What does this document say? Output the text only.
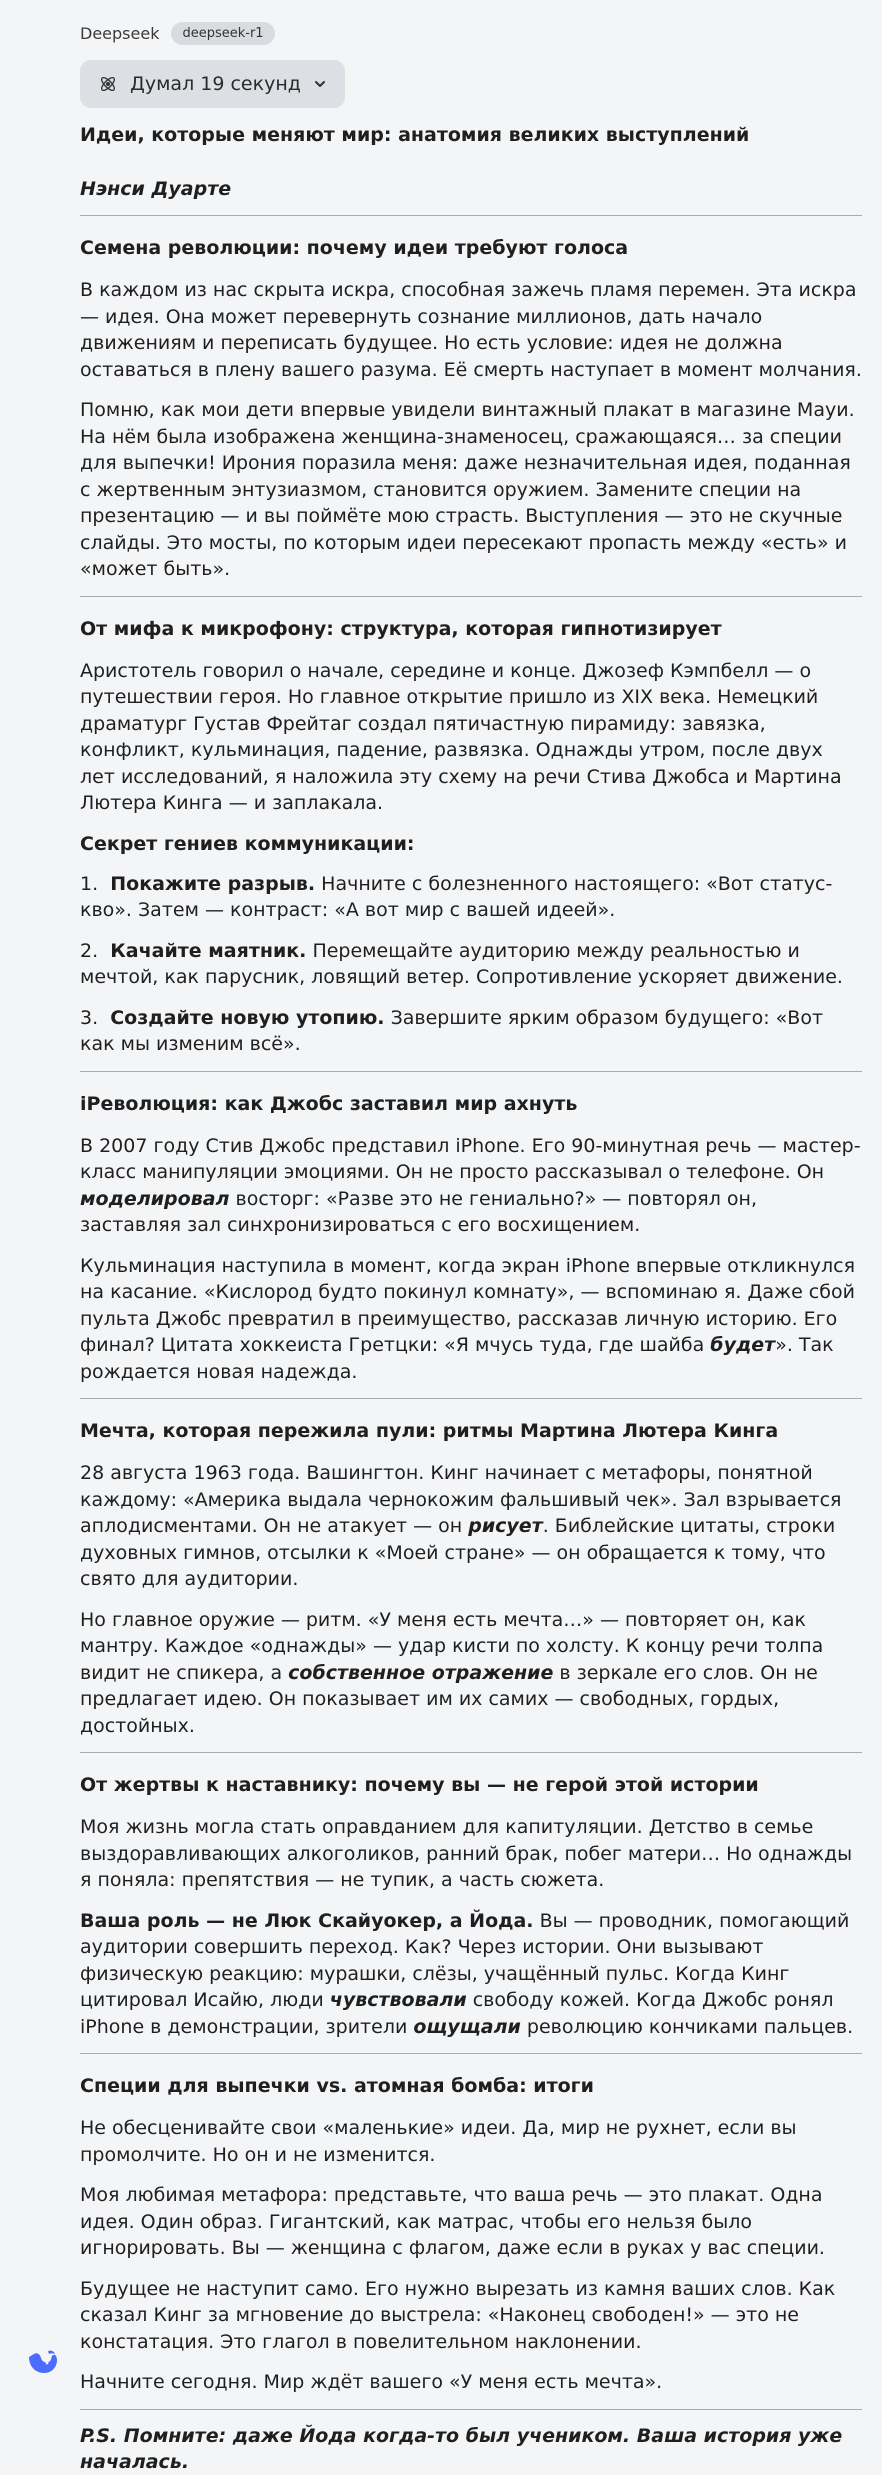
Deepseek	deepseek-r1
Думал 19 секунд
Идеи, которые меняют мир: анатомия великих выступлений
Нэнси Дуарте
Семена революции: почему идеи требуют голоса

В каждом из нас скрыта искра, способная зажечь пламя перемен. Эта искра — идея. Она может перевернуть сознание миллионов, дать начало движениям и переписать будущее. Но есть условие: идея не должна оставаться в плену вашего разума. Её смерть наступает в момент молчания.

Помню, как мои дети впервые увидели винтажный плакат в магазине Мауи. На нём была изображена женщина-знаменосец, сражающаяся… за специи для выпечки! Ирония поразила меня: даже незначительная идея, поданная с жертвенным энтузиазмом, становится оружием. Замените специи на презентацию — и вы поймёте мою страсть. Выступления — это не скучные слайды. Это мосты, по которым идеи пересекают пропасть между «есть» и «может быть».

От мифа к микрофону: структура, которая гипнотизирует

Аристотель говорил о начале, середине и конце. Джозеф Кэмпбелл — о путешествии героя. Но главное открытие пришло из XIX века. Немецкий драматург Густав Фрейтаг создал пятичастную пирамиду: завязка, конфликт, кульминация, падение, развязка. Однажды утром, после двух лет исследований, я наложила эту схему на речи Стива Джобса и Мартина Лютера Кинга — и заплакала.

Секрет гениев коммуникации:
1. Покажите разрыв. Начните с болезненного настоящего: «Вот статус-кво». Затем — контраст: «А вот мир с вашей идеей».
2. Качайте маятник. Перемещайте аудиторию между реальностью и мечтой, как парусник, ловящий ветер. Сопротивление ускоряет движение.
3. Создайте новую утопию. Завершите ярким образом будущего: «Вот как мы изменим всё».
iРеволюция: как Джобс заставил мир ахнуть

В 2007 году Стив Джобс представил iPhone. Его 90-минутная речь — мастер-класс манипуляции эмоциями. Он не просто рассказывал о телефоне. Он моделировал восторг: «Разве это не гениально?» — повторял он, заставляя зал синхронизироваться с его восхищением.

Кульминация наступила в момент, когда экран iPhone впервые откликнулся на касание. «Кислород будто покинул комнату», — вспоминаю я. Даже сбой пульта Джобс превратил в преимущество, рассказав личную историю. Его финал? Цитата хоккеиста Гретцки: «Я мчусь туда, где шайба будет». Так рождается новая надежда.

Мечта, которая пережила пули: ритмы Мартина Лютера Кинга

28 августа 1963 года. Вашингтон. Кинг начинает с метафоры, понятной каждому: «Америка выдала чернокожим фальшивый чек». Зал взрывается аплодисментами. Он не атакует — он рисует. Библейские цитаты, строки духовных гимнов, отсылки к «Моей стране» — он обращается к тому, что свято для аудитории.

Но главное оружие — ритм. «У меня есть мечта…» — повторяет он, как мантру. Каждое «однажды» — удар кисти по холсту. К концу речи толпа видит не спикера, а собственное отражение в зеркале его слов. Он не предлагает идею. Он показывает им их самих — свободных, гордых, достойных.

От жертвы к наставнику: почему вы — не герой этой истории

Моя жизнь могла стать оправданием для капитуляции. Детство в семье выздоравливающих алкоголиков, ранний брак, побег матери… Но однажды я поняла: препятствия — не тупик, а часть сюжета.

Ваша роль — не Люк Скайуокер, а Йода. Вы — проводник, помогающий аудитории совершить переход. Как? Через истории. Они вызывают физическую реакцию: мурашки, слёзы, учащённый пульс. Когда Кинг цитировал Исайю, люди чувствовали свободу кожей. Когда Джобс ронял iPhone в демонстрации, зрители ощущали революцию кончиками пальцев.

Специи для выпечки vs. атомная бомба: итоги

Не обесценивайте свои «маленькие» идеи. Да, мир не рухнет, если вы промолчите. Но он и не изменится.

Моя любимая метафора: представьте, что ваша речь — это плакат. Одна идея. Один образ. Гигантский, как матрас, чтобы его нельзя было игнорировать. Вы — женщина с флагом, даже если в руках у вас специи.

Будущее не наступит само. Его нужно вырезать из камня ваших слов. Как сказал Кинг за мгновение до выстрела: «Наконец свободен!» — это не констатация. Это глагол в повелительном наклонении.

Начните сегодня. Мир ждёт вашего «У меня есть мечта».

P.S. Помните: даже Йода когда-то был учеником. Ваша история уже началась.
